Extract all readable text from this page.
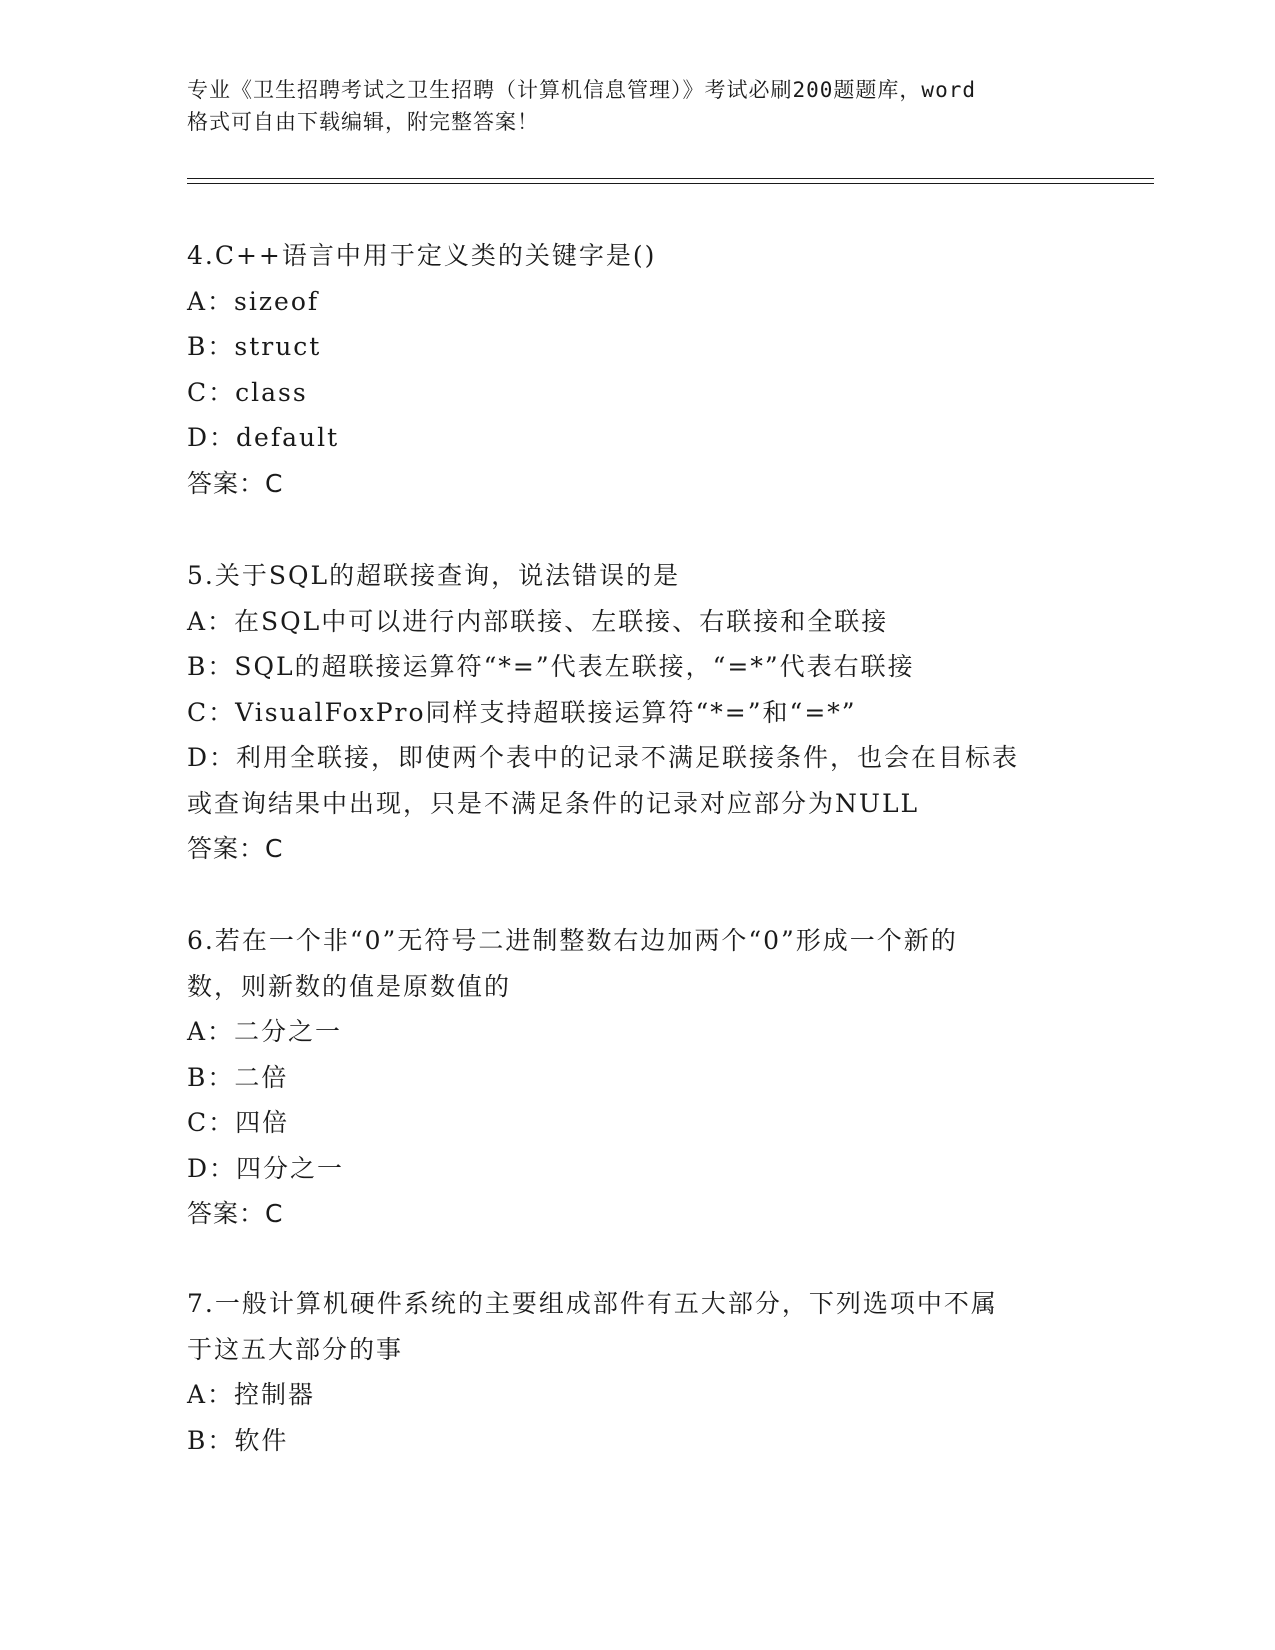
专业《卫生招聘考试之卫生招聘（计算机信息管理）》考试必刷200题题库，word
格式可自由下载编辑，附完整答案！
4.C++语言中用于定义类的关键字是()
A：sizeof
B：struct
C：class
D：default
答案：C
5.关于SQL的超联接查询，说法错误的是
A：在SQL中可以进行内部联接、左联接、右联接和全联接
B：SQL的超联接运算符“*=”代表左联接，“=*”代表右联接
C：VisualFoxPro同样支持超联接运算符“*=”和“=*”
D：利用全联接，即使两个表中的记录不满足联接条件，也会在目标表
或查询结果中出现，只是不满足条件的记录对应部分为NULL
答案：C
6.若在一个非“0”无符号二进制整数右边加两个“0”形成一个新的
数，则新数的值是原数值的
A：二分之一
B：二倍
C：四倍
D：四分之一
答案：C
7.一般计算机硬件系统的主要组成部件有五大部分，下列选项中不属
于这五大部分的事
A：控制器
B：软件
